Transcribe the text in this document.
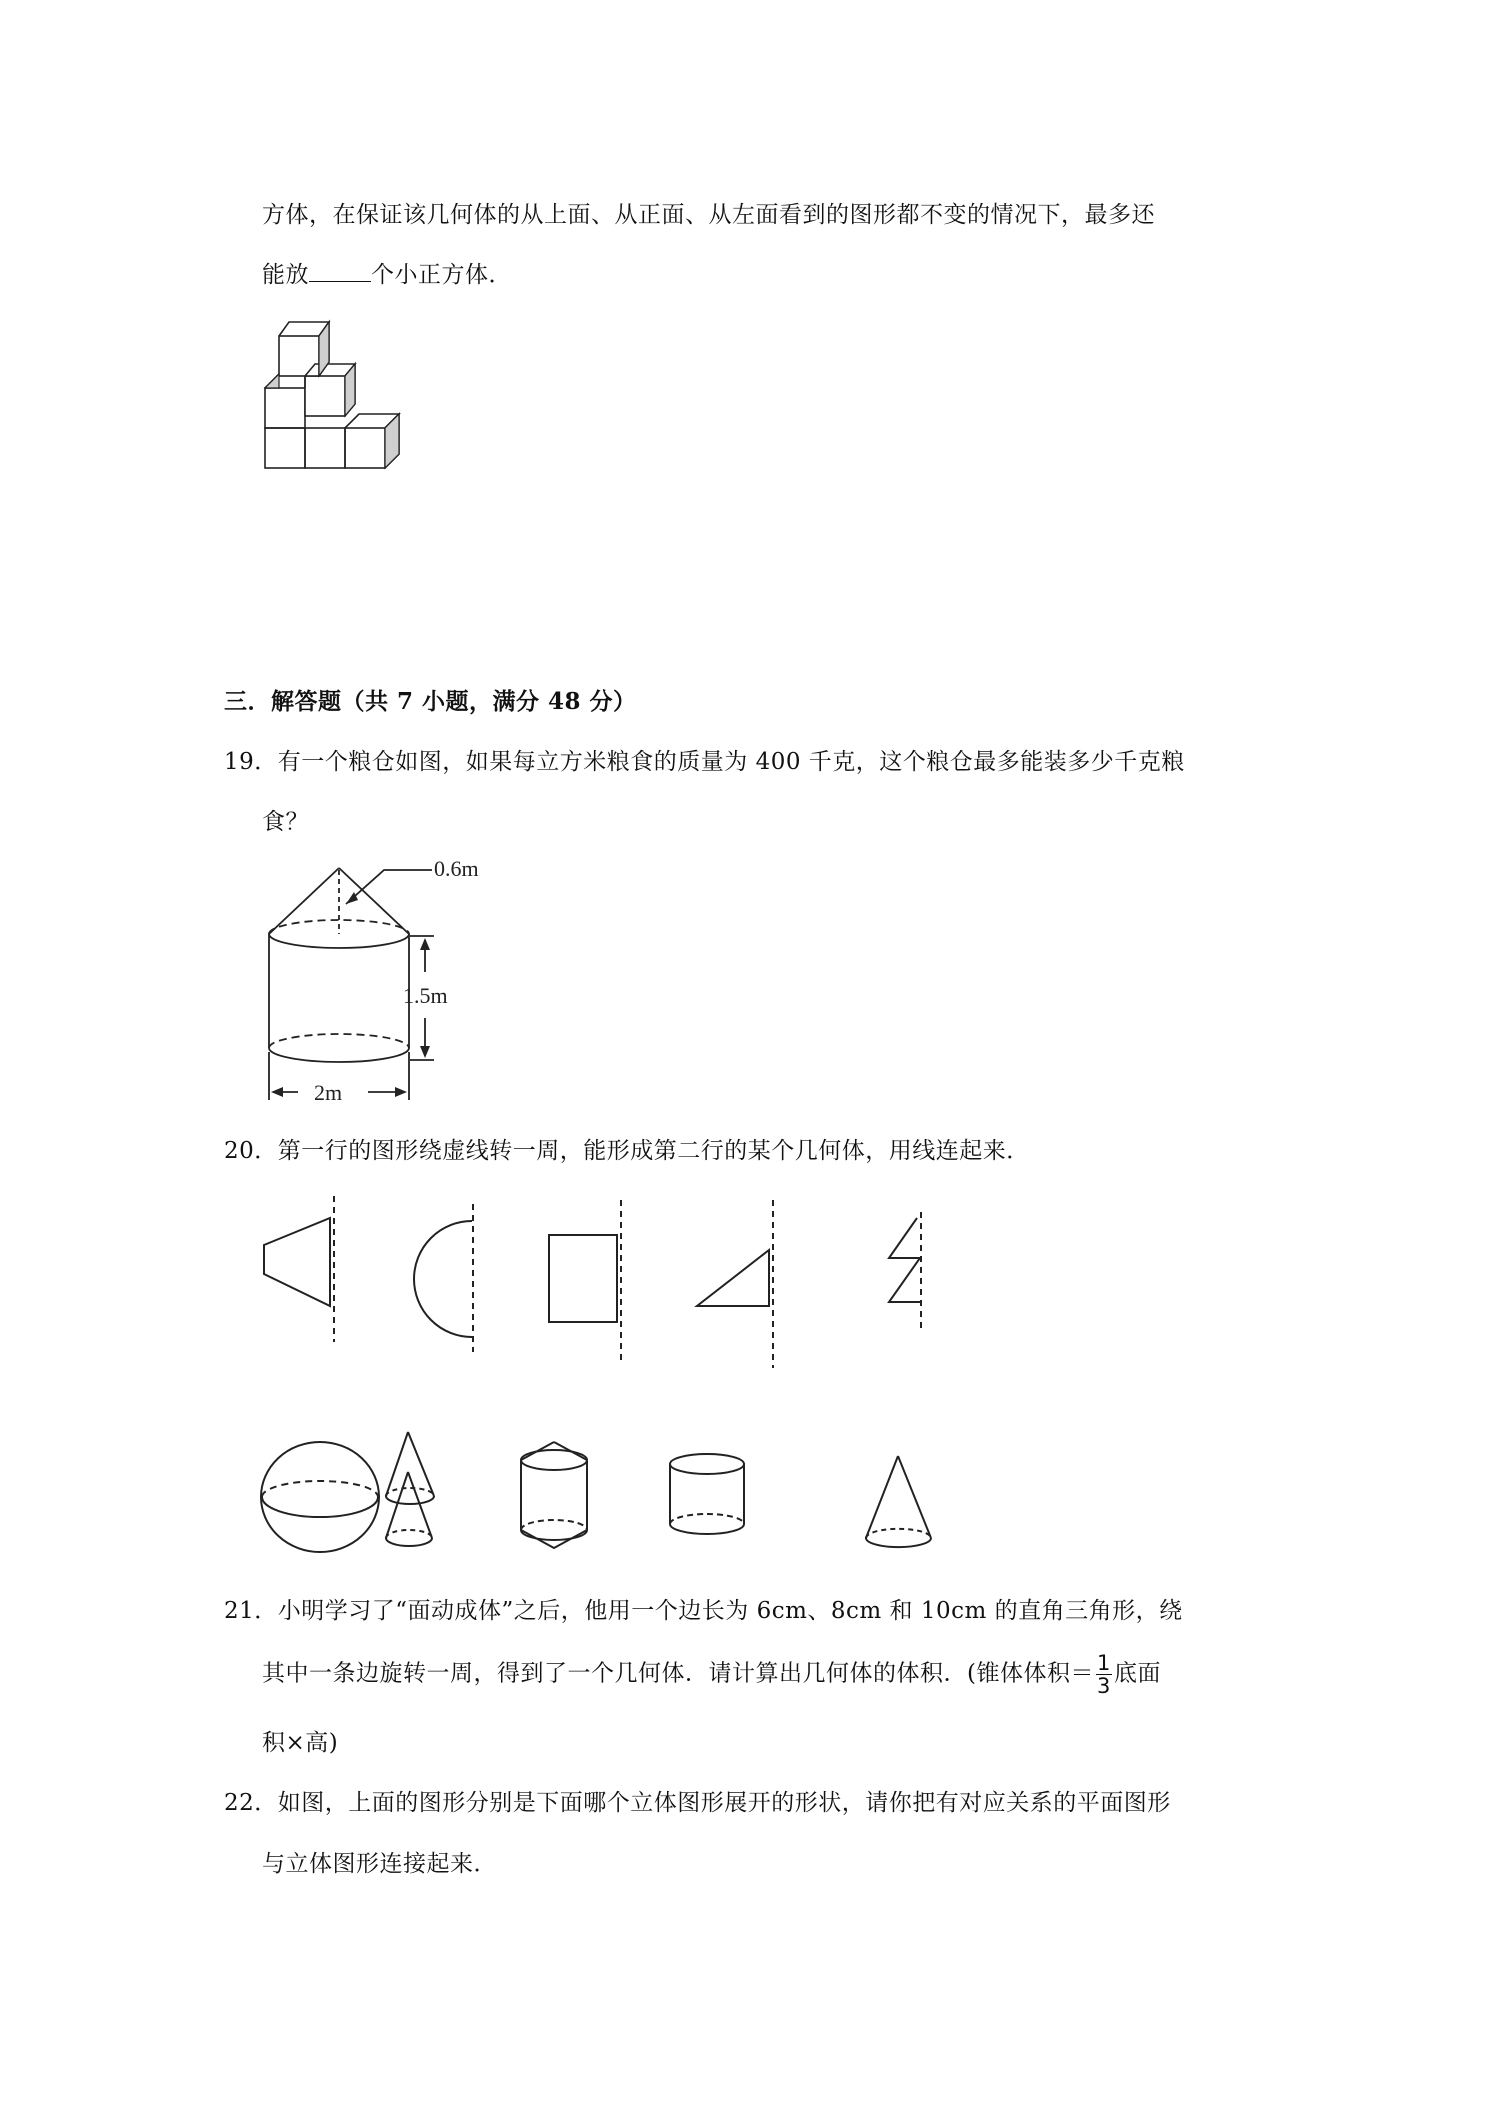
方体，在保证该几何体的从上面、从正面、从左面看到的图形都不变的情况下，最多还
能放	个小正方体．
三．解答题（共 7 小题，满分 48 分）
19．有一个粮仓如图，如果每立方米粮食的质量为 400 千克，这个粮仓最多能装多少千克粮
食？
0.6m
1.5m
2m
20．第一行的图形绕虚线转一周，能形成第二行的某个几何体，用线连起来．
21．小明学习了“面动成体”之后，他用一个边长为 6cm、8cm 和 10cm 的直角三角形，绕
其中一条边旋转一周，得到了一个几何体．请计算出几何体的体积．(锥体体积＝ $\frac{1}{3}$ 底面
积×高)
22．如图，上面的图形分别是下面哪个立体图形展开的形状，请你把有对应关系的平面图形
与立体图形连接起来．
